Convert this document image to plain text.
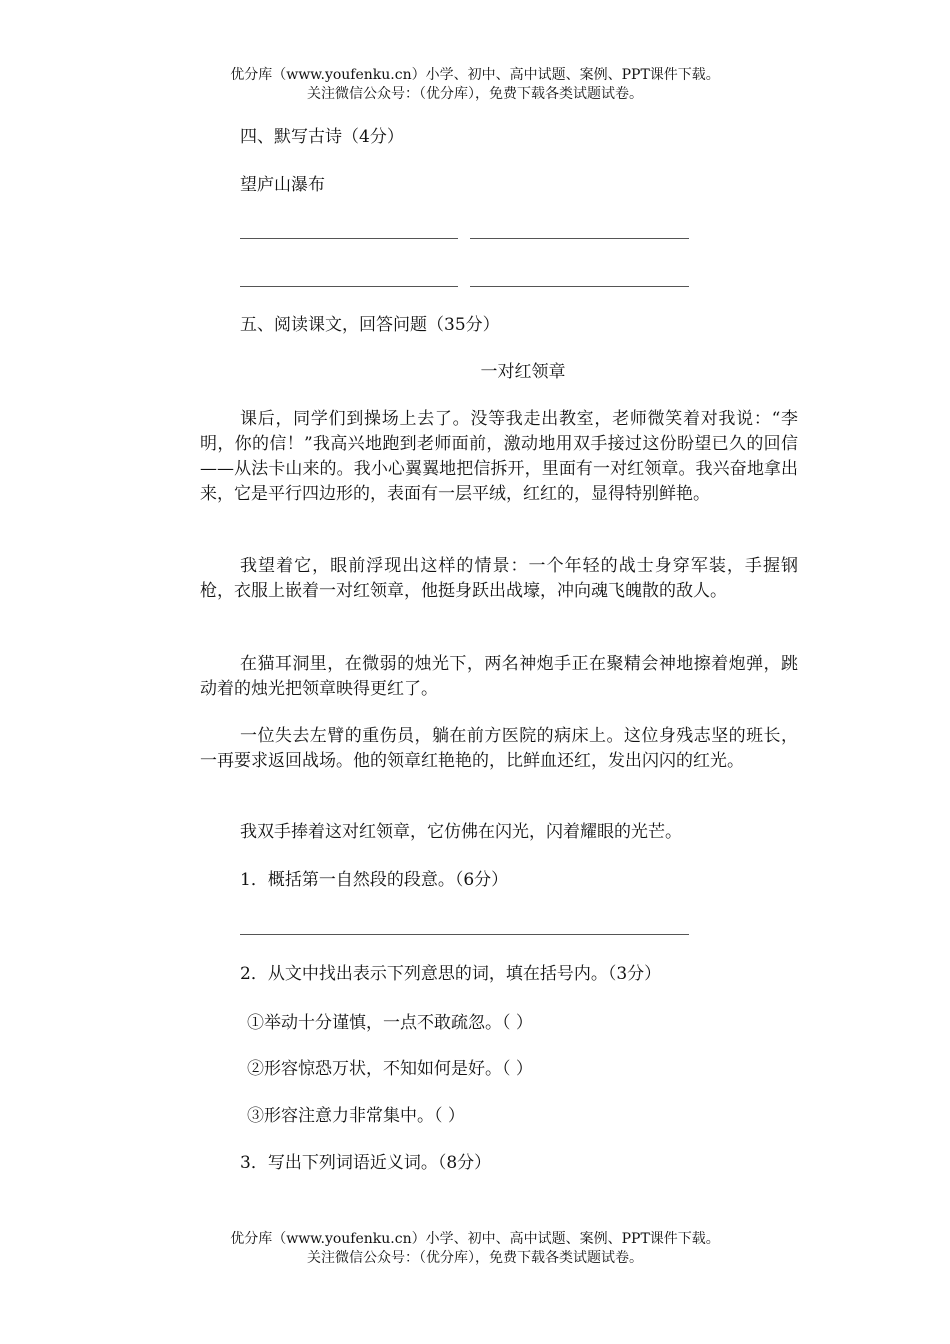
优分库（www.youfenku.cn）小学、初中、高中试题、案例、PPT课件下载。
关注微信公众号：（优分库），免费下载各类试题试卷。
四、默写古诗（4分）
望庐山瀑布
五、阅读课文，回答问题（35分）
一对红领章
课后，同学们到操场上去了。没等我走出教室，老师微笑着对我说：“李明，你的信！”我高兴地跑到老师面前，激动地用双手接过这份盼望已久的回信——从法卡山来的。我小心翼翼地把信拆开，里面有一对红领章。我兴奋地拿出来，它是平行四边形的，表面有一层平绒，红红的，显得特别鲜艳。
我望着它，眼前浮现出这样的情景：一个年轻的战士身穿军装，手握钢枪，衣服上嵌着一对红领章，他挺身跃出战壕，冲向魂飞魄散的敌人。
在猫耳洞里，在微弱的烛光下，两名神炮手正在聚精会神地擦着炮弹，跳动着的烛光把领章映得更红了。
一位失去左臂的重伤员，躺在前方医院的病床上。这位身残志坚的班长，一再要求返回战场。他的领章红艳艳的，比鲜血还红，发出闪闪的红光。
我双手捧着这对红领章，它仿佛在闪光，闪着耀眼的光芒。
1．概括第一自然段的段意。（6分）
2．从文中找出表示下列意思的词，填在括号内。（3分）
①举动十分谨慎，一点不敢疏忽。（ ）
②形容惊恐万状，不知如何是好。（ ）
③形容注意力非常集中。（ ）
3．写出下列词语近义词。（8分）
优分库（www.youfenku.cn）小学、初中、高中试题、案例、PPT课件下载。
关注微信公众号：（优分库），免费下载各类试题试卷。
